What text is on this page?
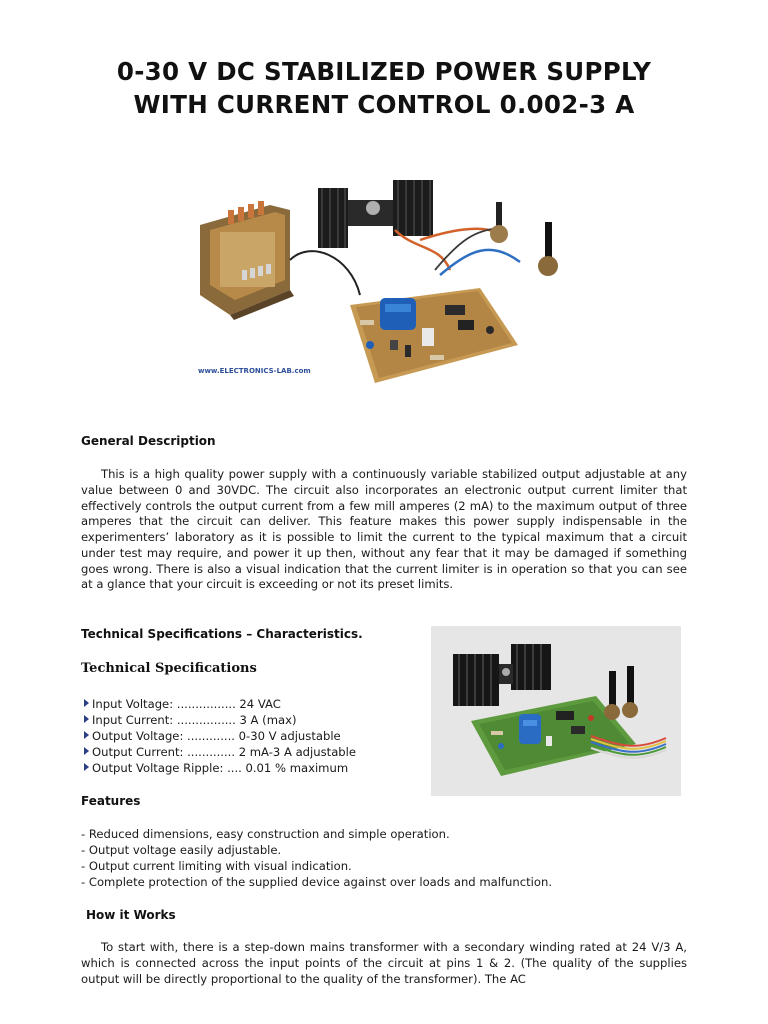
0-30 V DC STABILIZED POWER SUPPLY
WITH CURRENT CONTROL 0.002-3 A
www.ELECTRONICS-LAB.com
General Description

This is a high quality power supply with a continuously variable stabilized output adjustable at any value between 0 and 30VDC. The circuit also incorporates an electronic output current limiter that effectively controls the output current from a few mill amperes (2 mA) to the maximum output of three amperes that the circuit can deliver. This feature makes this power supply indispensable in the experimenters’ laboratory as it is possible to limit the current to the typical maximum that a circuit under test may require, and power it up then, without any fear that it may be damaged if something goes wrong. There is also a visual indication that the current limiter is in operation so that you can see at a glance that your circuit is exceeding or not its preset limits.

Technical Specifications – Characteristics.
Technical Specifications
Input Voltage: ................ 24 VAC
Input Current: ................ 3 A (max)
Output Voltage: ............. 0-30 V adjustable
Output Current: ............. 2 mA-3 A adjustable
Output Voltage Ripple: .... 0.01 % maximum
Features
- Reduced dimensions, easy construction and simple operation.
- Output voltage easily adjustable.
- Output current limiting with visual indication.
- Complete protection of the supplied device against over loads and malfunction.
How it Works

To start with, there is a step-down mains transformer with a secondary winding rated at 24 V/3 A, which is connected across the input points of the circuit at pins 1 & 2. (The quality of the supplies output will be directly proportional to the quality of the transformer). The AC
